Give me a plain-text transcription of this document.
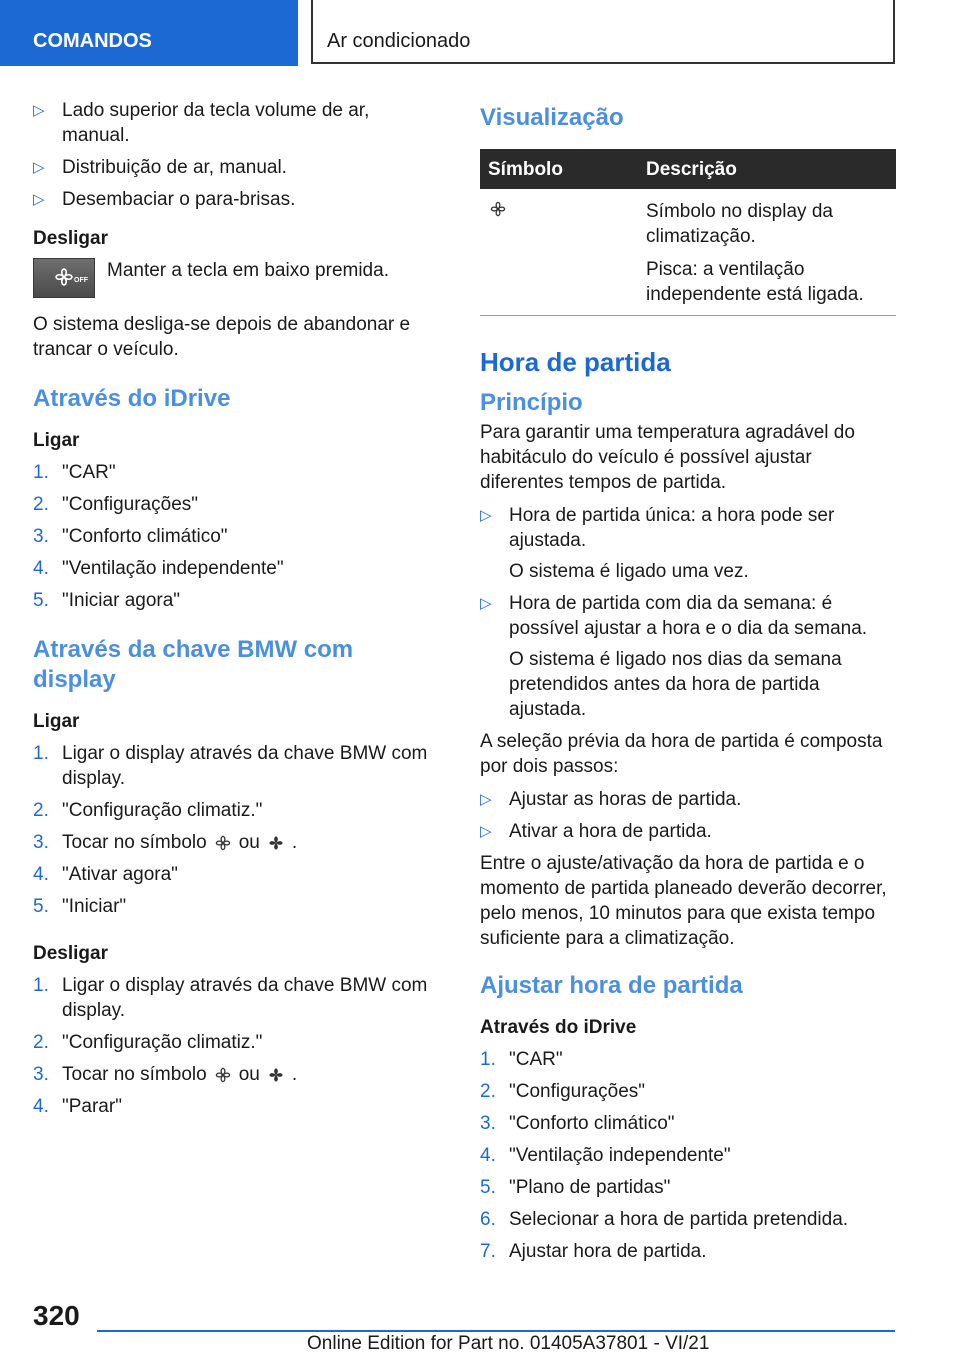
COMANDOS	Ar condicionado
▷ Lado superior da tecla volume de ar, manual.
▷ Distribuição de ar, manual.
▷ Desembaciar o para-brisas.
Desligar
OFF Manter a tecla em baixo premida.

O sistema desliga-se depois de abandonar e trancar o veículo.

Através do iDrive
Ligar
1. "CAR"
2. "Configurações"
3. "Conforto climático"
4. "Ventilação independente"
5. "Iniciar agora"
Através da chave BMW com display
Ligar
1. Ligar o display através da chave BMW com display.
2. "Configuração climatiz."
3. Tocar no símbolo ou .
4. "Ativar agora"
5. "Iniciar"
Desligar
1. Ligar o display através da chave BMW com display.
2. "Configuração climatiz."
3. Tocar no símbolo ou .
4. "Parar"
Visualização
Símbolo	Descrição

Símbolo no display da climatização.

Pisca: a ventilação independente está ligada.

Hora de partida
Princípio

Para garantir uma temperatura agradável do habitáculo do veículo é possível ajustar diferentes tempos de partida.

▷ Hora de partida única: a hora pode ser ajustada.
O sistema é ligado uma vez.
▷ Hora de partida com dia da semana: é possível ajustar a hora e o dia da semana.
O sistema é ligado nos dias da semana pretendidos antes da hora de partida ajustada.

A seleção prévia da hora de partida é composta por dois passos:

▷ Ajustar as horas de partida.
▷ Ativar a hora de partida.

Entre o ajuste/ativação da hora de partida e o momento de partida planeado deverão decorrer, pelo menos, 10 minutos para que exista tempo suficiente para a climatização.

Ajustar hora de partida
Através do iDrive
1. "CAR"
2. "Configurações"
3. "Conforto climático"
4. "Ventilação independente"
5. "Plano de partidas"
6. Selecionar a hora de partida pretendida.
7. Ajustar hora de partida.
320
Online Edition for Part no. 01405A37801 - VI/21
